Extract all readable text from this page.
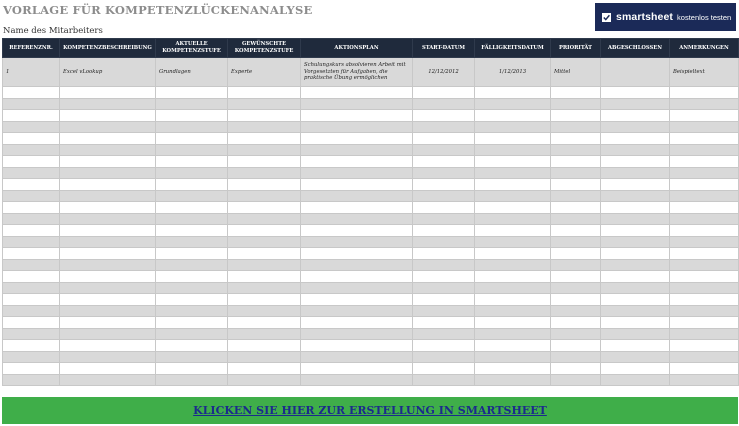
VORLAGE FÜR KOMPETENZLÜCKENANALYSE
Name des Mitarbeiters
smartsheet kostenlos testen
REFERENZNR.	KOMPETENZBESCHREIBUNG	AKTUELLE KOMPETENZSTUFE	GEWÜNSCHTE KOMPETENZSTUFE	AKTIONSPLAN	START-DATUM	FÄLLIGKEITSDATUM	PRIORITÄT	ABGESCHLOSSEN	ANMERKUNGEN
1	Excel vLookup	Grundlagen	Experte	Schulungskurs absolvieren Arbeit mit Vorgesetzten für Aufgaben, die praktische Übung ermöglichen	12/12/2012	1/12/2013	Mittel		Beispieltext

KLICKEN SIE HIER ZUR ERSTELLUNG IN SMARTSHEET
